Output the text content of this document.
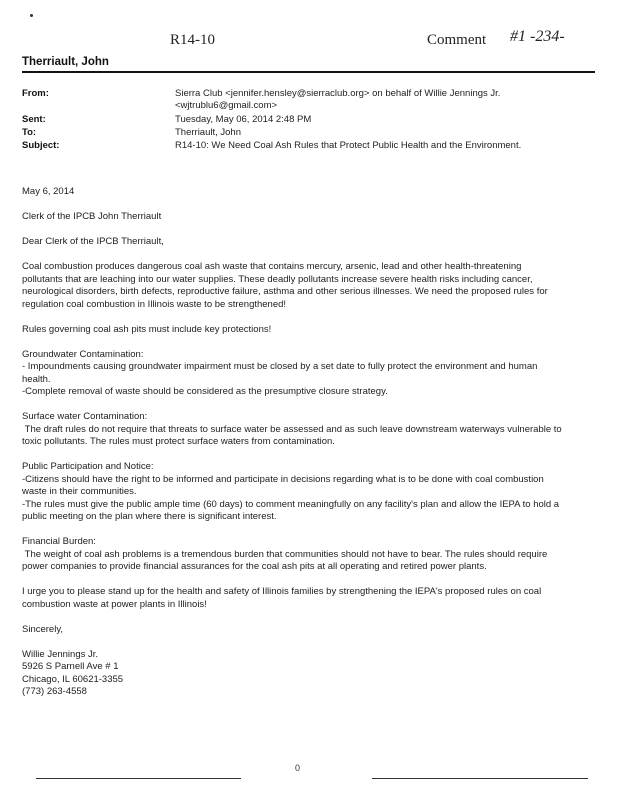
R14-10	Comment #1 -234-
Therriault, John
From:	Sierra Club <jennifer.hensley@sierraclub.org> on behalf of Willie Jennings Jr. <wjtrublu6@gmail.com>
Sent:	Tuesday, May 06, 2014 2:48 PM
To:	Therriault, John
Subject:	R14-10: We Need Coal Ash Rules that Protect Public Health and the Environment.

May 6, 2014

Clerk of the IPCB John Therriault

Dear Clerk of the IPCB Therriault,

Coal combustion produces dangerous coal ash waste that contains mercury, arsenic, lead and other health-threatening pollutants that are leaching into our water supplies. These deadly pollutants increase severe health risks including cancer, neurological disorders, birth defects, reproductive failure, asthma and other serious illnesses. We need the proposed rules for regulation coal combustion in Illinois waste to be strengthened!

Rules governing coal ash pits must include key protections!

Groundwater Contamination:

- Impoundments causing groundwater impairment must be closed by a set date to fully protect the environment and human health.

-Complete removal of waste should be considered as the presumptive closure strategy.

Surface water Contamination:

The draft rules do not require that threats to surface water be assessed and as such leave downstream waterways vulnerable to toxic pollutants. The rules must protect surface waters from contamination.

Public Participation and Notice:

-Citizens should have the right to be informed and participate in decisions regarding what is to be done with coal combustion waste in their communities.

-The rules must give the public ample time (60 days) to comment meaningfully on any facility's plan and allow the IEPA to hold a public meeting on the plan where there is significant interest.

Financial Burden:

The weight of coal ash problems is a tremendous burden that communities should not have to bear. The rules should require power companies to provide financial assurances for the coal ash pits at all operating and retired power plants.

I urge you to please stand up for the health and safety of Illinois families by strengthening the IEPA's proposed rules on coal combustion waste at power plants in Illinois!

Sincerely,

Willie Jennings Jr.

5926 S Parnell Ave # 1

Chicago, IL 60621-3355

(773) 263-4558

0
